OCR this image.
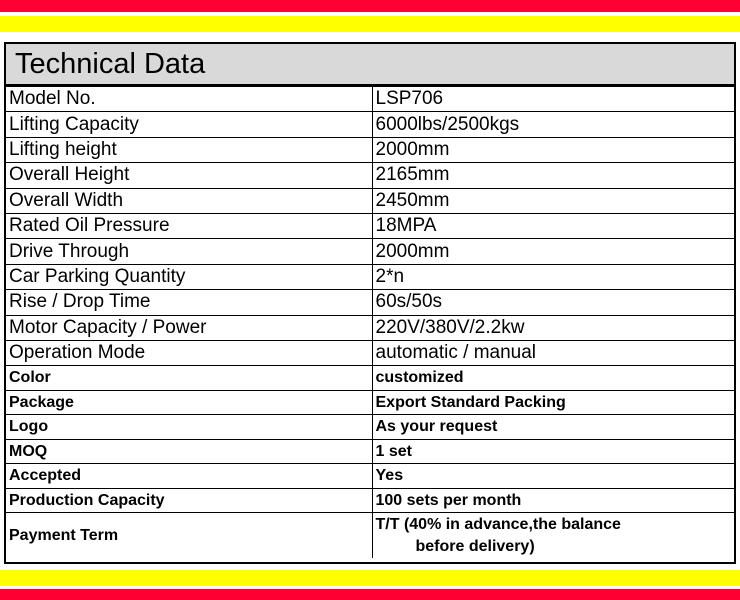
Technical Data
Model No.	LSP706
Lifting Capacity	6000lbs/2500kgs
Lifting height	2000mm
Overall Height	2165mm
Overall Width	2450mm
Rated Oil Pressure	18MPA
Drive Through	2000mm
Car Parking Quantity	2*n
Rise / Drop Time	60s/50s
Motor Capacity / Power	220V/380V/2.2kw
Operation Mode	automatic / manual
Color	customized
Package	Export Standard Packing
Logo	As your request
MOQ	1 set
Accepted	Yes
Production Capacity	100 sets per month
Payment Term	T/T (40% in advance,the balance
before delivery)
